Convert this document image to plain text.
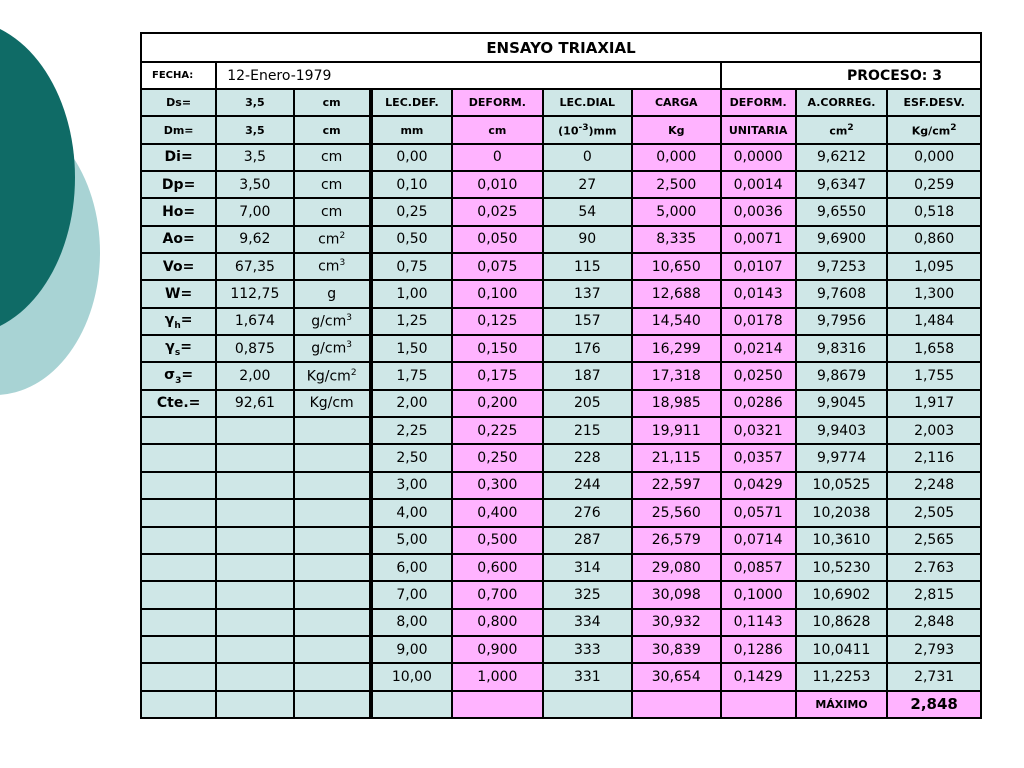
ENSAYO TRIAXIAL									
FECHA:	12-Enero-1979						PROCESO: 3		
Ds=	3,5	cm	LEC.DEF.	DEFORM.	LEC.DIAL	CARGA	DEFORM.	A.CORREG.	ESF.DESV.
Dm=	3,5	cm	mm	cm	$(10^{-3})mm$	Kg	UNITARIA	$cm^2$	$Kg/cm^2$
Di=	3,5	cm	0,00	0	0	0,000	0,0000	9,6212	0,000
Dp=	3,50	cm	0,10	0,010	27	2,500	0,0014	9,6347	0,259
Ho=	7,00	cm	0,25	0,025	54	5,000	0,0036	9,6550	0,518
Ao=	9,62	$cm^2$	0,50	0,050	90	8,335	0,0071	9,6900	0,860
Vo=	67,35	$cm^3$	0,75	0,075	115	10,650	0,0107	9,7253	1,095
W=	112,75	g	1,00	0,100	137	12,688	0,0143	9,7608	1,300
$\gamma_h=$	1,674	$g/cm^3$	1,25	0,125	157	14,540	0,0178	9,7956	1,484
$\gamma_s=$	0,875	$g/cm^3$	1,50	0,150	176	16,299	0,0214	9,8316	1,658
$\sigma_3=$	2,00	$Kg/cm^2$	1,75	0,175	187	17,318	0,0250	9,8679	1,755
Cte.=	92,61	Kg/cm	2,00	0,200	205	18,985	0,0286	9,9045	1,917
			2,25	0,225	215	19,911	0,0321	9,9403	2,003
			2,50	0,250	228	21,115	0,0357	9,9774	2,116
			3,00	0,300	244	22,597	0,0429	10,0525	2,248
			4,00	0,400	276	25,560	0,0571	10,2038	2,505
			5,00	0,500	287	26,579	0,0714	10,3610	2,565
			6,00	0,600	314	29,080	0,0857	10,5230	2.763
			7,00	0,700	325	30,098	0,1000	10,6902	2,815
			8,00	0,800	334	30,932	0,1143	10,8628	2,848
			9,00	0,900	333	30,839	0,1286	10,0411	2,793
			10,00	1,000	331	30,654	0,1429	11,2253	2,731
								MÁXIMO	2,848
